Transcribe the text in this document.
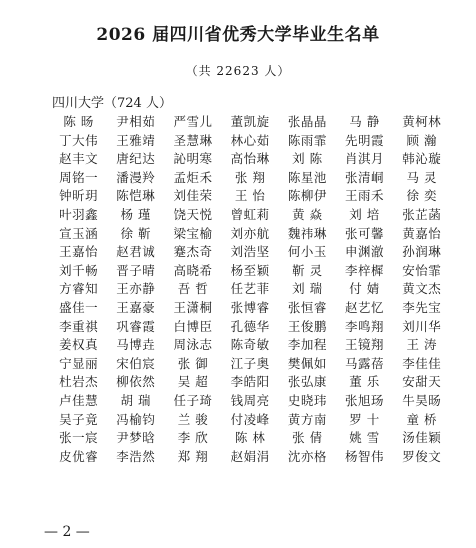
2026 届四川省优秀大学毕业生名单
（共 22623 人）
四川大学（724 人）
陈 旸	尹相茹	严雪儿	董凯旋	张晶晶	马 静	黄柯林
丁大伟	王雅靖	圣慧琳	林心茹	陈雨霏	先明霞	顾 瀚
赵丰文	唐纪达	訫明寒	高怡琳	刘 陈	肖淇月	韩沁璇
周铭一	潘漫羚	孟炬禾	张 翔	陈星池	张清峒	马 灵
钟昕玥	陈恺琳	刘佳荣	王 怡	陈柳伊	王雨禾	徐 奕
叶羽鑫	杨 瑾	饶天悦	曾虹莉	黄 焱	刘 培	张芷菡
宣玉涵	徐 靳	梁宝榆	刘亦航	魏祎琳	张可馨	黄嘉怡
王嘉怡	赵君诚	蹇杰奇	刘浩坚	何小玉	申渊澈	孙润琳
刘千畅	晋子晴	高晓希	杨至颖	靳 灵	李梓樨	安怡霏
方睿知	王亦静	吾 哲	任艺菲	刘 瑞	付 婧	黄文杰
盛佳一	王嘉豪	王潇桐	张博睿	张恒睿	赵艺忆	李先宝
李重祺	巩睿霞	白博臣	孔德华	王俊鹏	李鸣翔	刘川华
姜权真	马博垚	周泳志	陈奇敏	李加程	王镜翔	王 涛
宁显丽	宋伯宸	张 御	江子奥	樊佩如	马露蓓	李佳佳
杜岩杰	柳依然	吴 超	李皓阳	张弘康	董 乐	安甜天
卢佳慧	胡 瑞	任子琦	钱周亮	史晓玮	张旭玚	牛昊旸
吴子竟	冯榆钧	兰 骏	付凌峰	黄方南	罗 十	童 桥
张一宸	尹梦晗	李 欣	陈 林	张 倩	姚 雪	汤佳颖
皮优睿	李浩然	郑 翔	赵娟涓	沈亦格	杨智伟	罗俊文
— 2 —
